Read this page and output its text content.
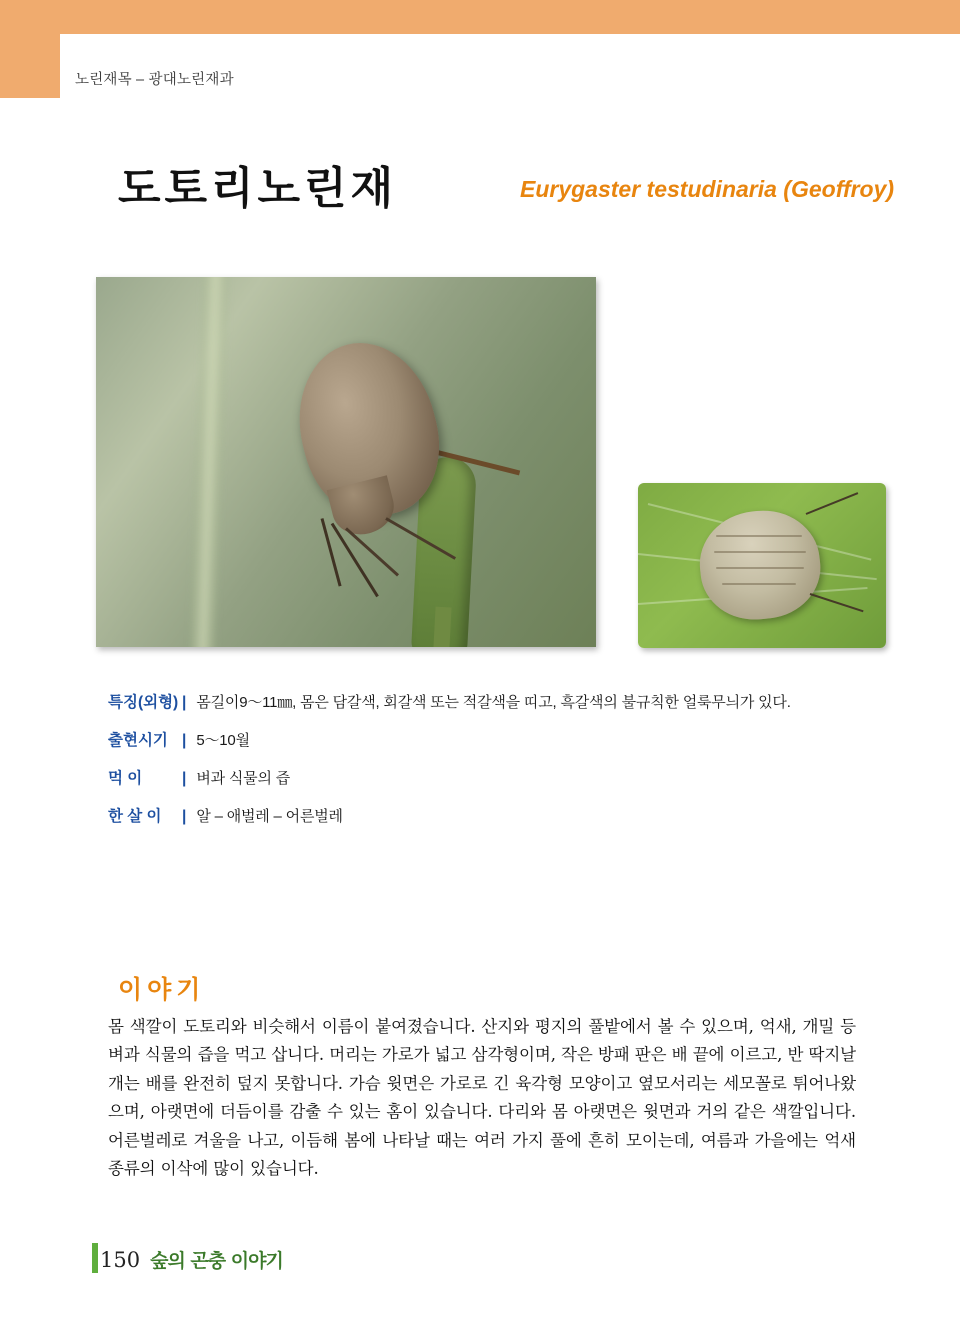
노린재목 – 광대노린재과
도토리노린재	Eurygaster testudinaria (Geoffroy)
특징(외형) | 몸길이9〜11㎜, 몸은 담갈색, 회갈색 또는 적갈색을 띠고, 흑갈색의 불규칙한 얼룩무늬가 있다.
출현시기 | 5〜10월
먹 이	| 벼과 식물의 즙
한 살 이	| 알 – 애벌레 – 어른벌레
이야기
몸 색깔이 도토리와 비슷해서 이름이 붙여졌습니다. 산지와 평지의 풀밭에서 볼 수 있으며, 억새, 개밀 등 벼과 식물의 즙을 먹고 삽니다. 머리는 가로가 넓고 삼각형이며, 작은 방패 판은 배 끝에 이르고, 반 딱지날개는 배를 완전히 덮지 못합니다. 가슴 윗면은 가로로 긴 육각형 모양이고 옆모서리는 세모꼴로 튀어나왔으며, 아랫면에 더듬이를 감출 수 있는 홈이 있습니다. 다리와 몸 아랫면은 윗면과 거의 같은 색깔입니다. 어른벌레로 겨울을 나고, 이듬해 봄에 나타날 때는 여러 가지 풀에 흔히 모이는데, 여름과 가을에는 억새 종류의 이삭에 많이 있습니다.
150 숲의 곤충 이야기
